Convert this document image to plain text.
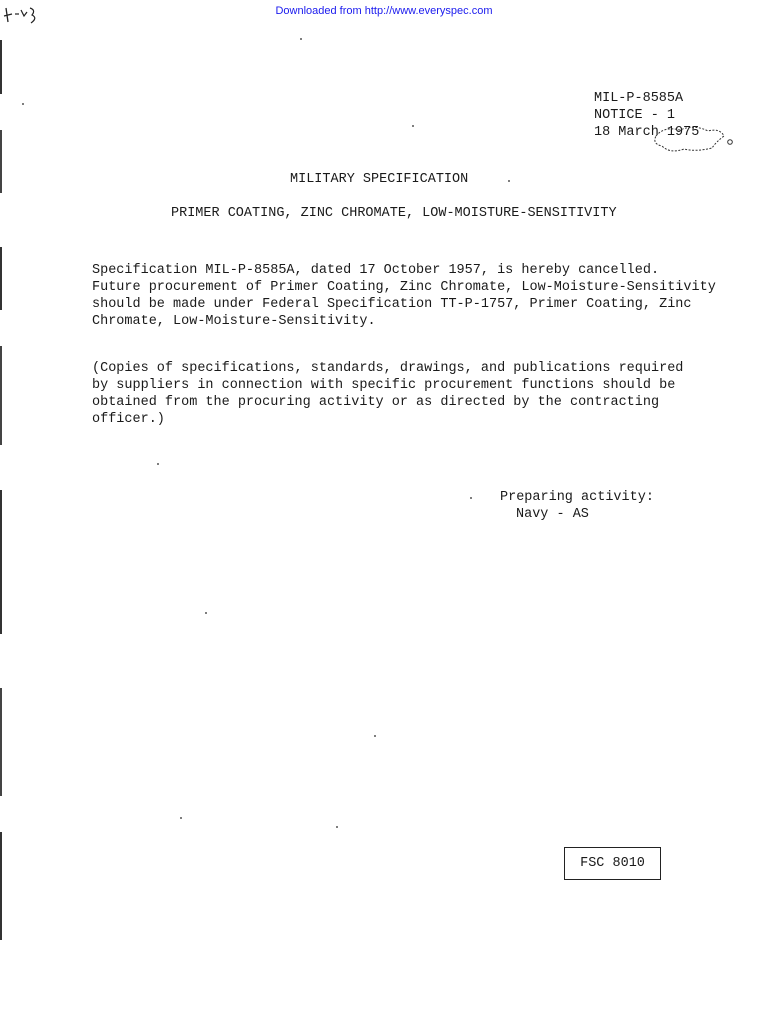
Downloaded from http://www.everyspec.com
MIL-P-8585A
NOTICE - 1
18 March 1975
MILITARY SPECIFICATION
PRIMER COATING, ZINC CHROMATE, LOW-MOISTURE-SENSITIVITY
Specification MIL-P-8585A, dated 17 October 1957, is hereby cancelled.
Future procurement of Primer Coating, Zinc Chromate, Low-Moisture-Sensitivity
should be made under Federal Specification TT-P-1757, Primer Coating, Zinc
Chromate, Low-Moisture-Sensitivity.
(Copies of specifications, standards, drawings, and publications required
by suppliers in connection with specific procurement functions should be
obtained from the procuring activity or as directed by the contracting
officer.)
Preparing activity:
Navy - AS
FSC 8010
